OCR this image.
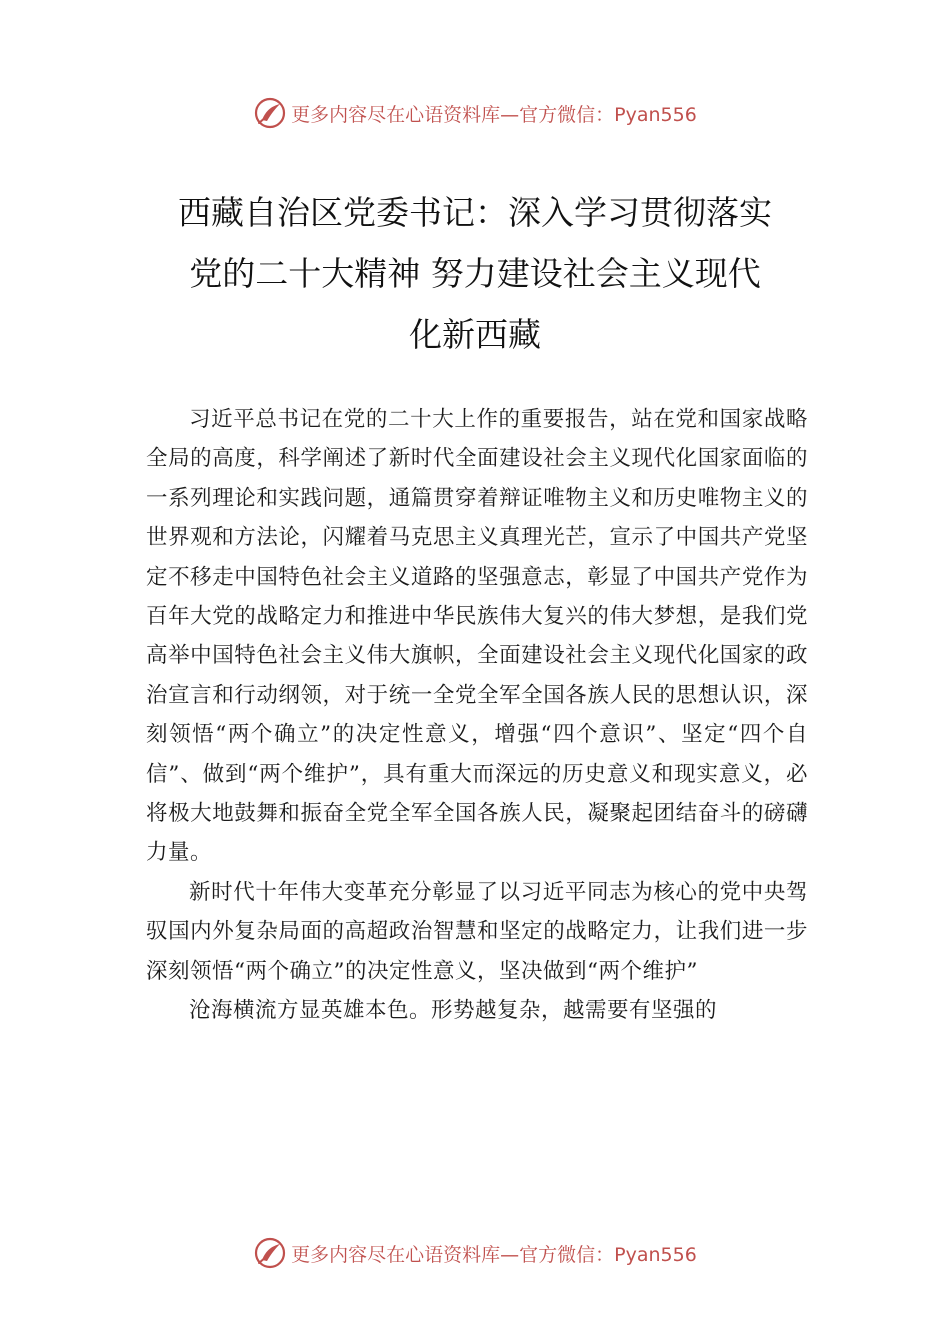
更多内容尽在心语资料库 —官方微信：Pyan556
西藏自治区党委书记：深入学习贯彻落实
党的二十大精神 努力建设社会主义现代
化新西藏

习近平总书记在党的二十大上作的重要报告，站在党和国家战略全局的高度，科学阐述了新时代全面建设社会主义现代化国家面临的一系列理论和实践问题，通篇贯穿着辩证唯物主义和历史唯物主义的世界观和方法论，闪耀着马克思主义真理光芒，宣示了中国共产党坚定不移走中国特色社会主义道路的坚强意志，彰显了中国共产党作为百年大党的战略定力和推进中华民族伟大复兴的伟大梦想，是我们党高举中国特色社会主义伟大旗帜，全面建设社会主义现代化国家的政治宣言和行动纲领，对于统一全党全军全国各族人民的思想认识，深刻领悟“两个确立”的决定性意义，增强“四个意识”、坚定“四个自信”、做到“两个维护”，具有重大而深远的历史意义和现实意义，必将极大地鼓舞和振奋全党全军全国各族人民，凝聚起团结奋斗的磅礴力量。

新时代十年伟大变革充分彰显了以习近平同志为核心的党中央驾驭国内外复杂局面的高超政治智慧和坚定的战略定力，让我们进一步深刻领悟“两个确立”的决定性意义，坚决做到“两个维护”

沧海横流方显英雄本色。形势越复杂，越需要有坚强的

更多内容尽在心语资料库 —官方微信：Pyan556
